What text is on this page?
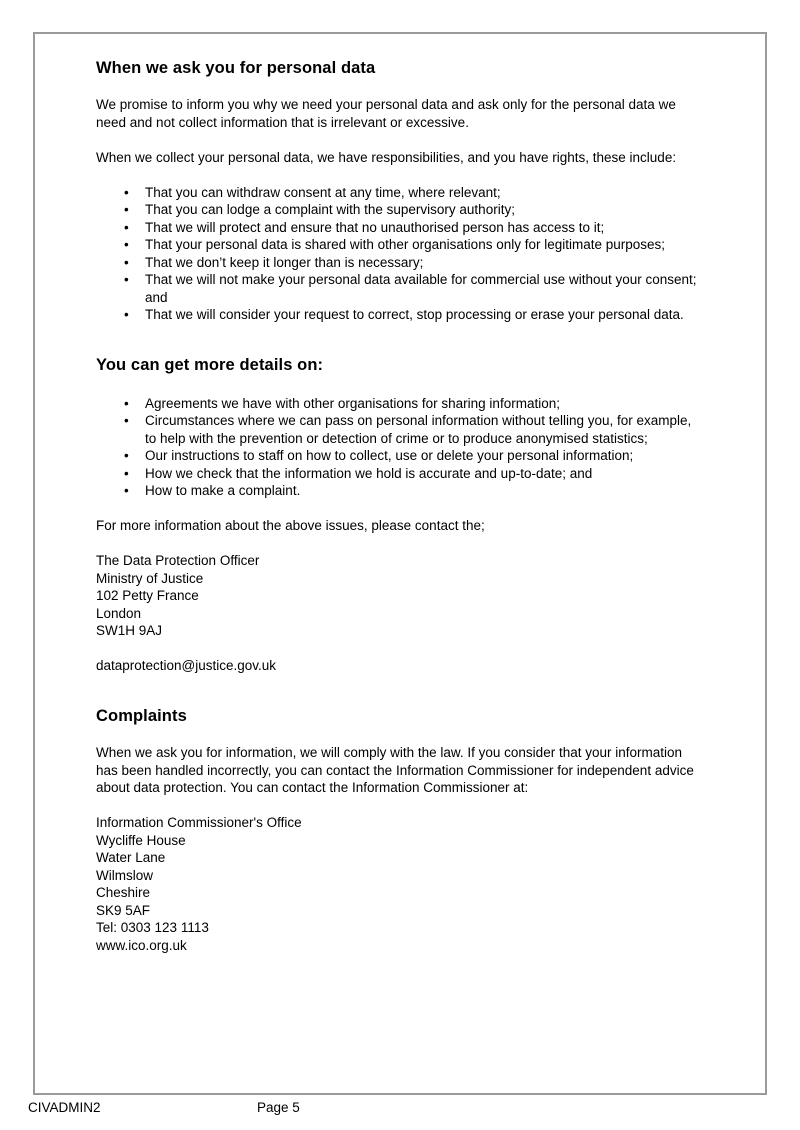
When we ask you for personal data

We promise to inform you why we need your personal data and ask only for the personal data we need and not collect information that is irrelevant or excessive.

When we collect your personal data, we have responsibilities, and you have rights, these include:

• That you can withdraw consent at any time, where relevant;
• That you can lodge a complaint with the supervisory authority;
• That we will protect and ensure that no unauthorised person has access to it;
• That your personal data is shared with other organisations only for legitimate purposes;
• That we don’t keep it longer than is necessary;
• That we will not make your personal data available for commercial use without your consent; and
• That we will consider your request to correct, stop processing or erase your personal data.
You can get more details on:
• Agreements we have with other organisations for sharing information;
• Circumstances where we can pass on personal information without telling you, for example, to help with the prevention or detection of crime or to produce anonymised statistics;
• Our instructions to staff on how to collect, use or delete your personal information;
• How we check that the information we hold is accurate and up-to-date; and
• How to make a complaint.

For more information about the above issues, please contact the;

The Data Protection Officer
Ministry of Justice
102 Petty France
London
SW1H 9AJ
dataprotection@justice.gov.uk
Complaints

When we ask you for information, we will comply with the law. If you consider that your information has been handled incorrectly, you can contact the Information Commissioner for independent advice about data protection. You can contact the Information Commissioner at:

Information Commissioner's Office
Wycliffe House
Water Lane
Wilmslow
Cheshire
SK9 5AF
Tel: 0303 123 1113
www.ico.org.uk
CIVADMIN2	Page 5
